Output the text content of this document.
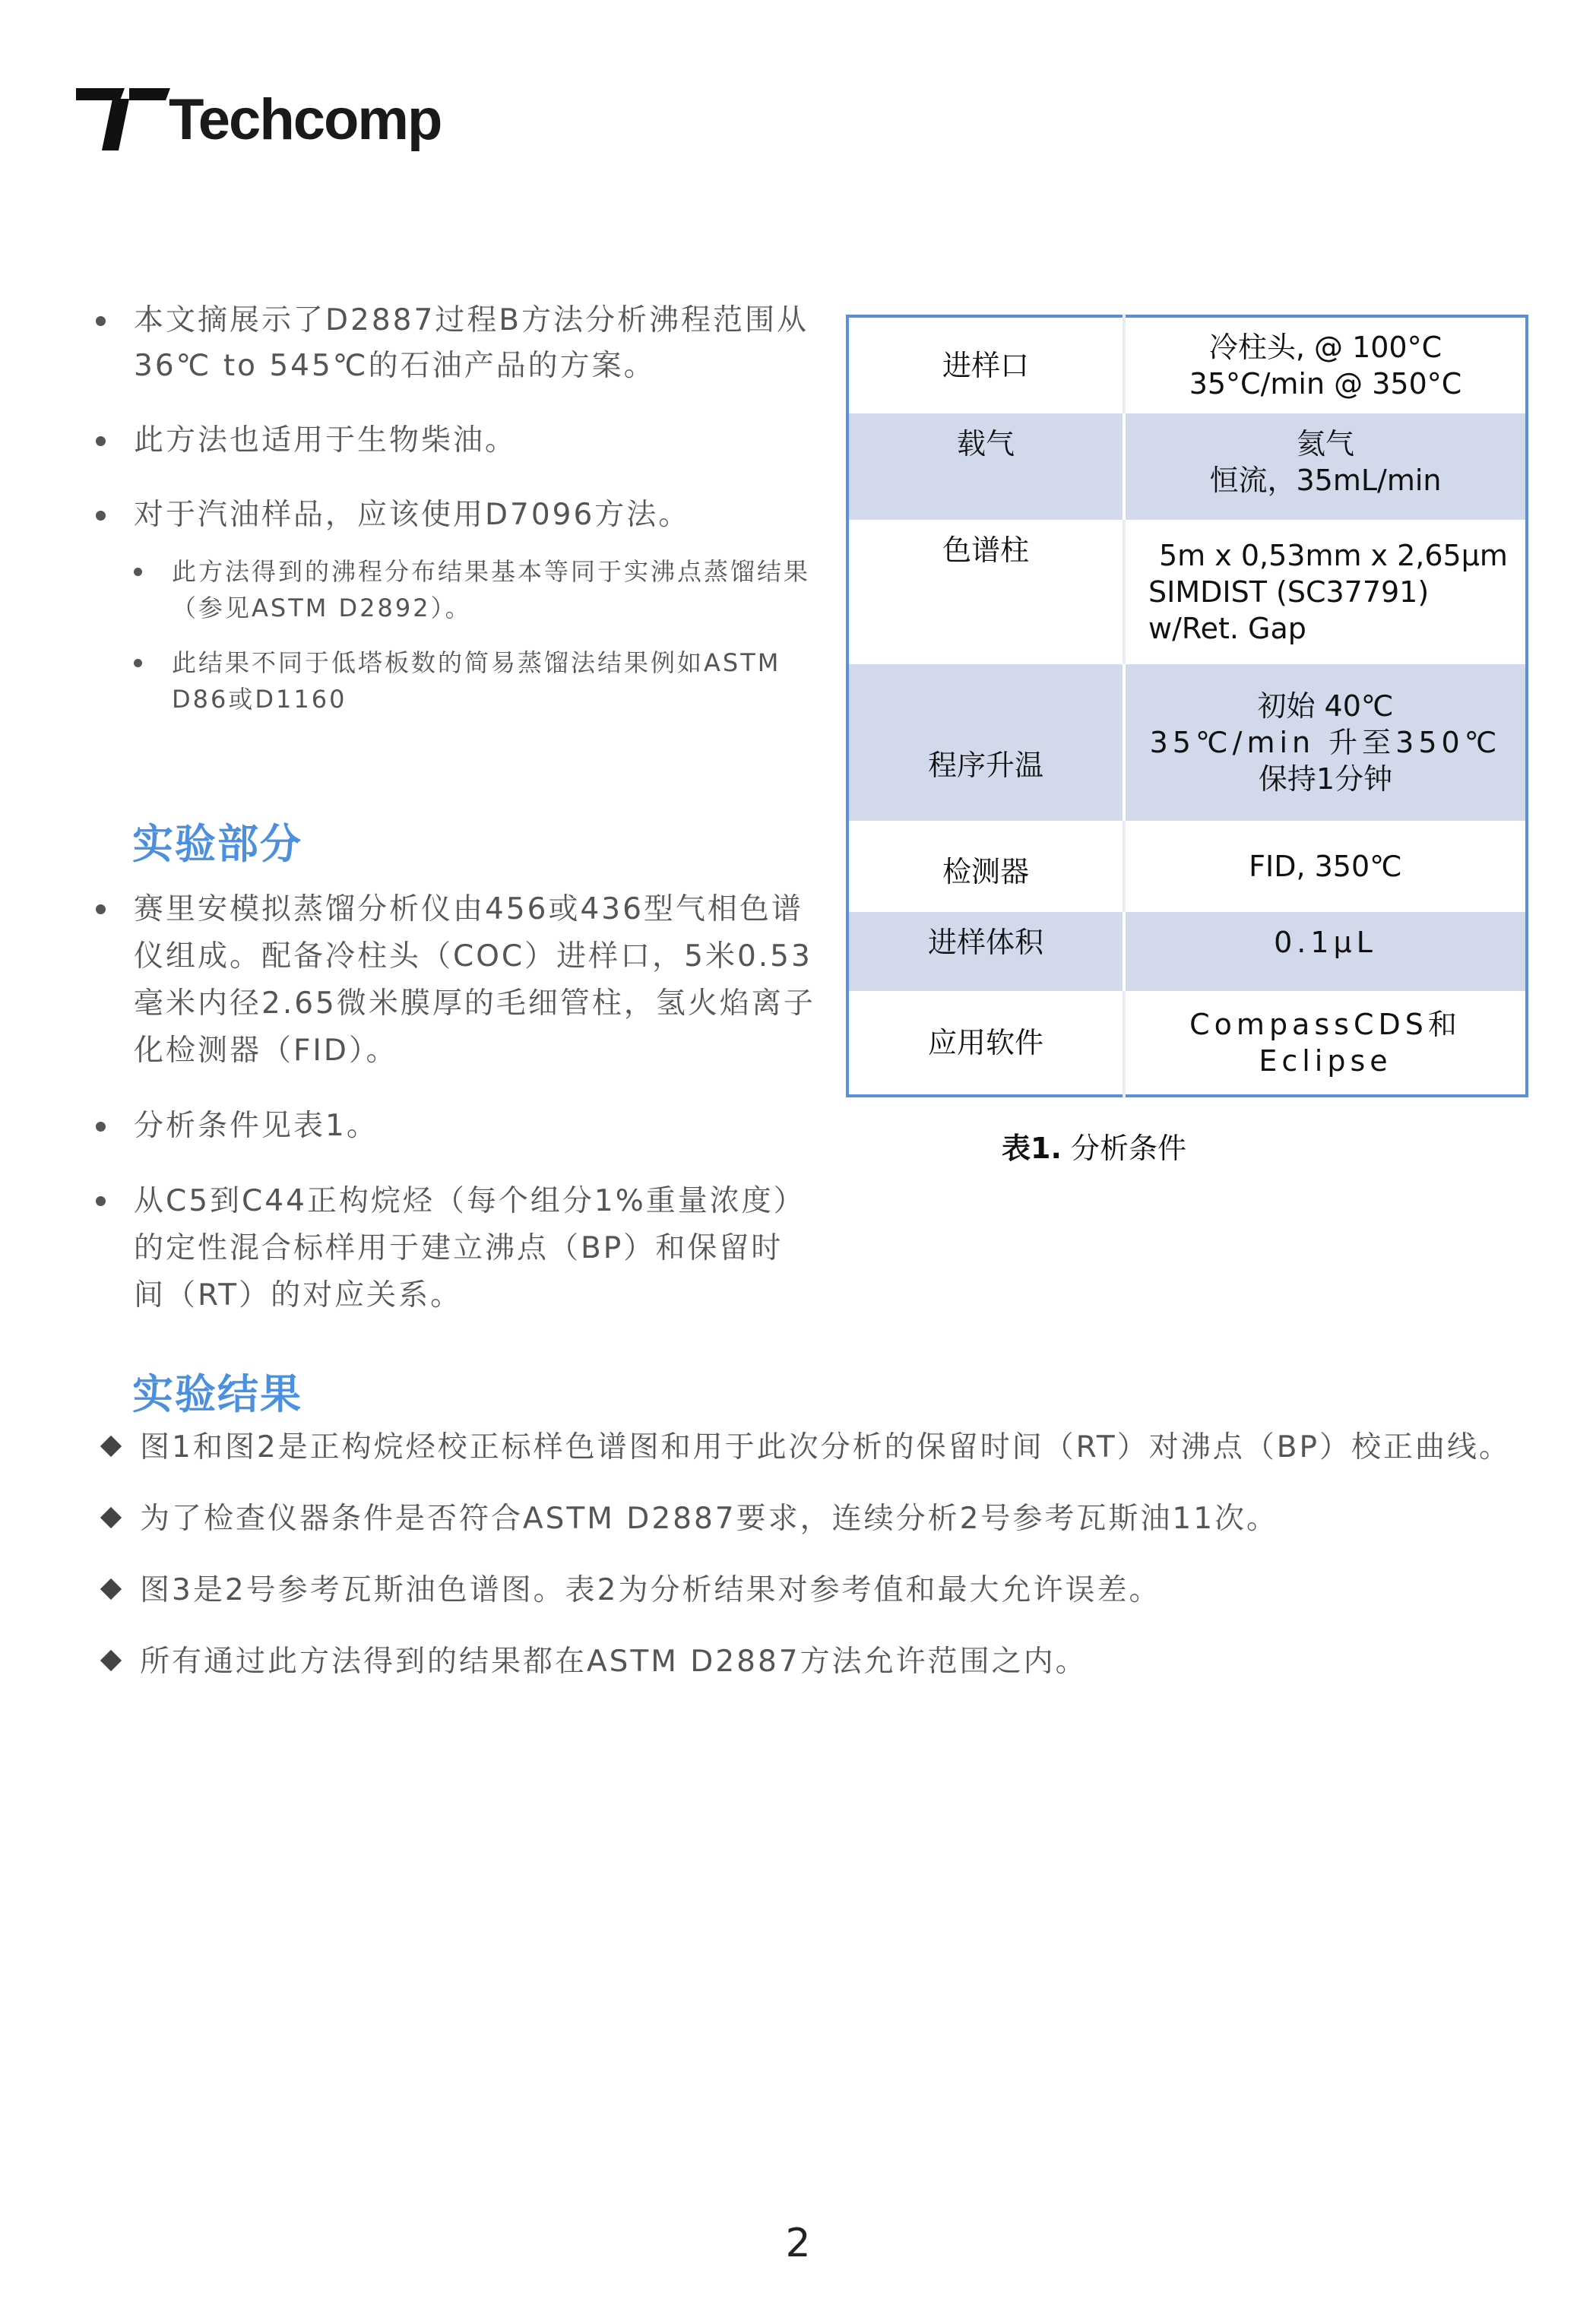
Techcomp
本文摘展示了D2887过程B方法分析沸程范围从36℃ to 545℃的石油产品的方案。
此方法也适用于生物柴油。
对于汽油样品，应该使用D7096方法。
此方法得到的沸程分布结果基本等同于实沸点蒸馏结果（参见ASTM D2892）。
此结果不同于低塔板数的简易蒸馏法结果例如ASTM D86或D1160
实验部分
赛里安模拟蒸馏分析仪由456或436型气相色谱仪组成。配备冷柱头（COC）进样口，5米0.53毫米内径2.65微米膜厚的毛细管柱，氢火焰离子化检测器（FID）。
分析条件见表1。
从C5到C44正构烷烃（每个组分1%重量浓度）的定性混合标样用于建立沸点（BP）和保留时间（RT）的对应关系。
进样口	冷柱头, @ 100°C
35°C/min @ 350°C

载气	氦气
恒流，35mL/min

色谱柱	5m x 0,53mm x 2,65µm
SIMDIST (SC37791)
w/Ret. Gap

程序升温	初始 40℃
35℃/min 升至350℃
保持1分钟

检测器	FID, 350℃
进样体积	0.1µL
应用软件	CompassCDS和
Eclipse
表1. 分析条件
实验结果
图1和图2是正构烷烃校正标样色谱图和用于此次分析的保留时间（RT）对沸点（BP）校正曲线。
为了检查仪器条件是否符合ASTM D2887要求，连续分析2号参考瓦斯油11次。
图3是2号参考瓦斯油色谱图。表2为分析结果对参考值和最大允许误差。
所有通过此方法得到的结果都在ASTM D2887方法允许范围之内。
2
